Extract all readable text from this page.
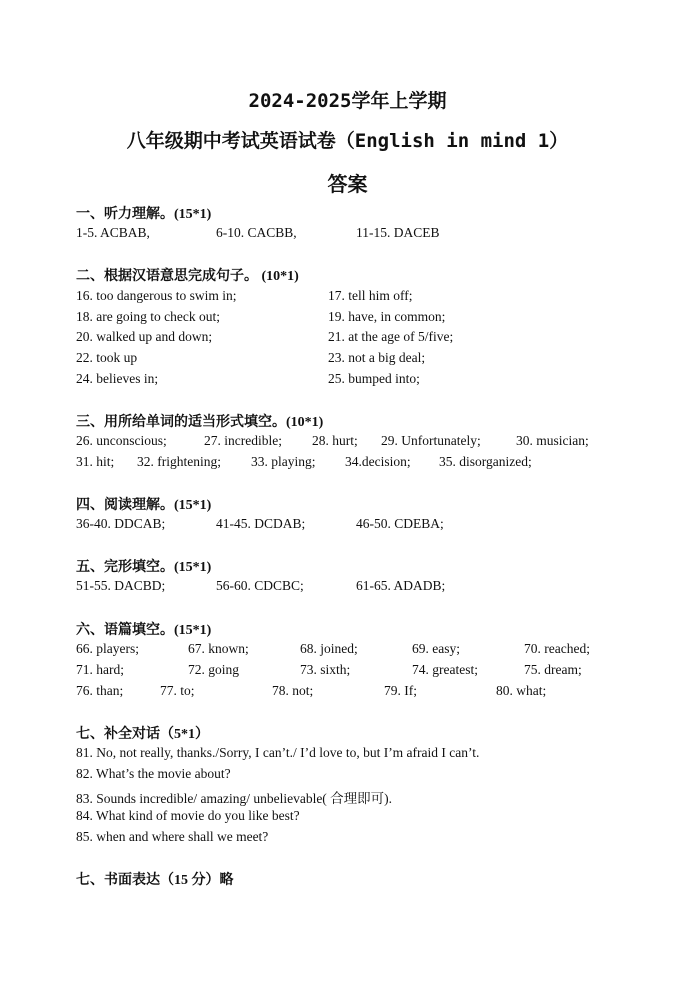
2024-2025学年上学期
八年级期中考试英语试卷（English in mind 1）
答案
一、听力理解。(15*1)
1-5. ACBAB,	6-10. CACBB,	11-15. DACEB
二、根据汉语意思完成句子。 (10*1)
16. too dangerous to swim in;	17. tell him off;
18. are going to check out;	19. have, in common;
20. walked up and down;	21. at the age of 5/five;
22. took up	23. not a big deal;
24. believes in;	25. bumped into;
三、用所给单词的适当形式填空。(10*1)
26. unconscious;	27. incredible; 28. hurt; 29. Unfortunately;	30. musician;
31. hit; 32. frightening; 33. playing; 34.decision; 35. disorganized;
四、阅读理解。(15*1)
36-40. DDCAB;	41-45. DCDAB;	46-50. CDEBA;
五、完形填空。(15*1)
51-55. DACBD;	56-60. CDCBC;	61-65. ADADB;
六、语篇填空。(15*1)
66. players;	67. known;	68. joined;	69. easy;	70. reached;
71. hard;	72. going	73. sixth;	74. greatest;	75. dream;
76. than;	77. to;	78. not;	79. If;	80. what;
七、补全对话（5*1）
81. No, not really, thanks./Sorry, I can’t./ I’d love to, but I’m afraid I can’t.
82. What’s the movie about?
83. Sounds incredible/ amazing/ unbelievable( 合理即可).
84. What kind of movie do you like best?
85. when and where shall we meet?
七、书面表达（15 分）略
